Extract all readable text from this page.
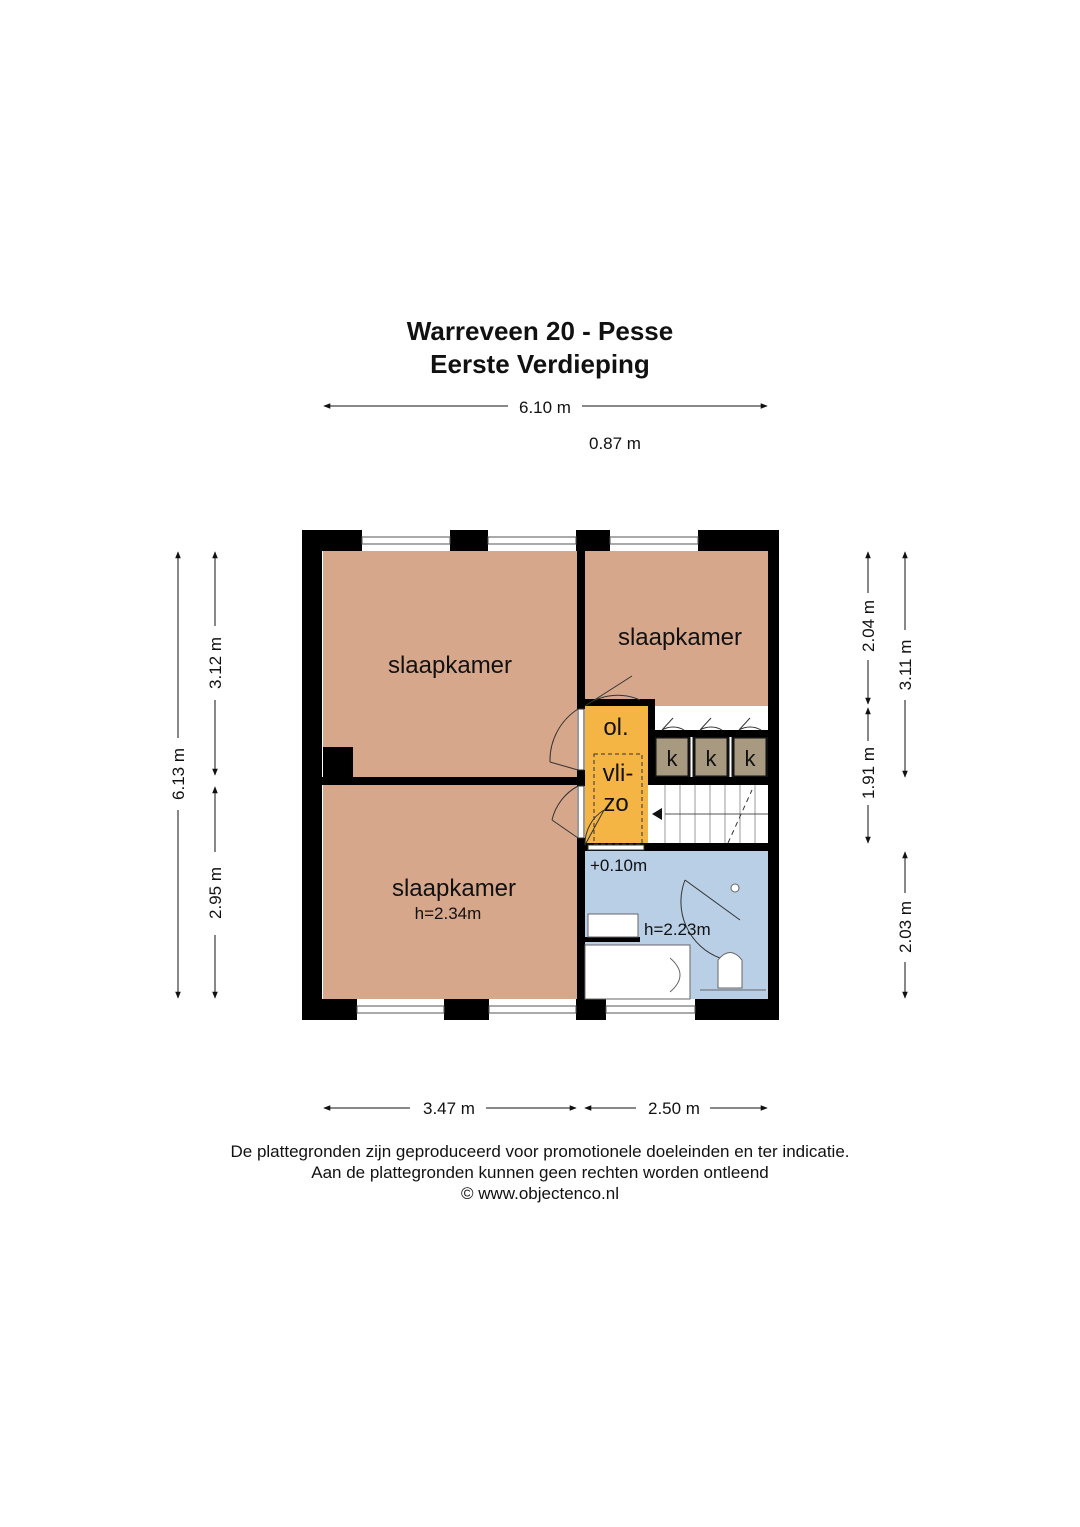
Warreveen 20 - Pesse
Eerste Verdieping
6.10 m
0.87 m
6.13 m
3.12 m
2.95 m
2.04 m
1.91 m
3.11 m
2.03 m
3.47 m	2.50 m
slaapkamer
slaapkamer
slaapkamer
h=2.34m
ol.
vli-
zo
k k k
+0.10m
h=2.23m
De plattegronden zijn geproduceerd voor promotionele doeleinden en ter indicatie.
Aan de plattegronden kunnen geen rechten worden ontleend
© www.objectenco.nl
